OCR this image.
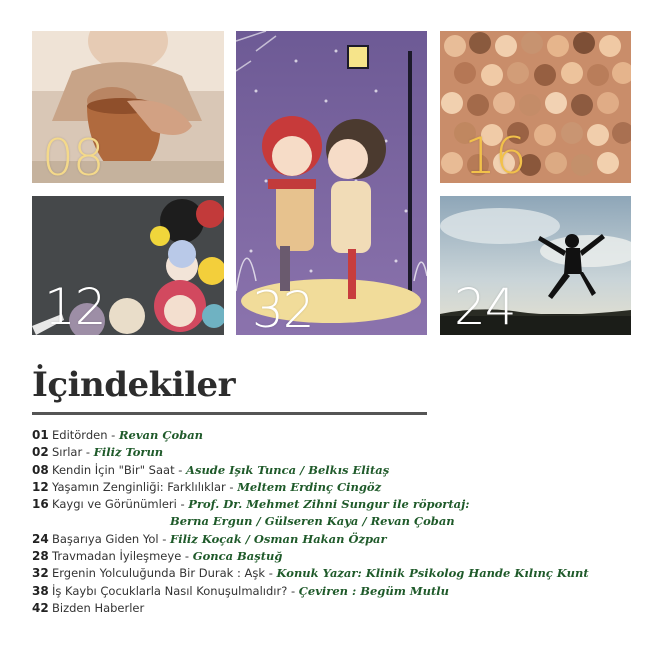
08
12	32
16
24
İçindekiler
01 Editörden - Revan Çoban
02 Sırlar - Filiz Torun
08 Kendin İçin "Bir" Saat - Asude Işık Tunca / Belkıs Elitaş
12 Yaşamın Zenginliği: Farklılıklar - Meltem Erdinç Cingöz
16 Kaygı ve Görünümleri - Prof. Dr. Mehmet Zihni Sungur ile röportaj:
Berna Ergun / Gülseren Kaya / Revan Çoban
24 Başarıya Giden Yol - Filiz Koçak / Osman Hakan Özpar
28 Travmadan İyileşmeye - Gonca Baştuğ
32 Ergenin Yolculuğunda Bir Durak : Aşk - Konuk Yazar: Klinik Psikolog Hande Kılınç Kunt
38 İş Kaybı Çocuklarla Nasıl Konuşulmalıdır? - Çeviren : Begüm Mutlu
42 Bizden Haberler
